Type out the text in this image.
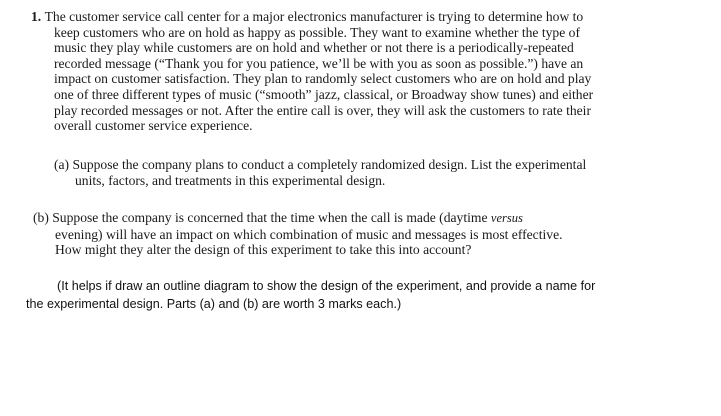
1. The customer service call center for a major electronics manufacturer is trying to determine how to
keep customers who are on hold as happy as possible. They want to examine whether the type of
music they play while customers are on hold and whether or not there is a periodically-repeated
recorded message (“Thank you for you patience, we’ll be with you as soon as possible.”) have an
impact on customer satisfaction. They plan to randomly select customers who are on hold and play
one of three different types of music (“smooth” jazz, classical, or Broadway show tunes) and either
play recorded messages or not. After the entire call is over, they will ask the customers to rate their
overall customer service experience.
(a) Suppose the company plans to conduct a completely randomized design. List the experimental
units, factors, and treatments in this experimental design.
(b) Suppose the company is concerned that the time when the call is made (daytime versus
evening) will have an impact on which combination of music and messages is most effective.
How might they alter the design of this experiment to take this into account?
(It helps if draw an outline diagram to show the design of the experiment, and provide a name for
the experimental design. Parts (a) and (b) are worth 3 marks each.)
